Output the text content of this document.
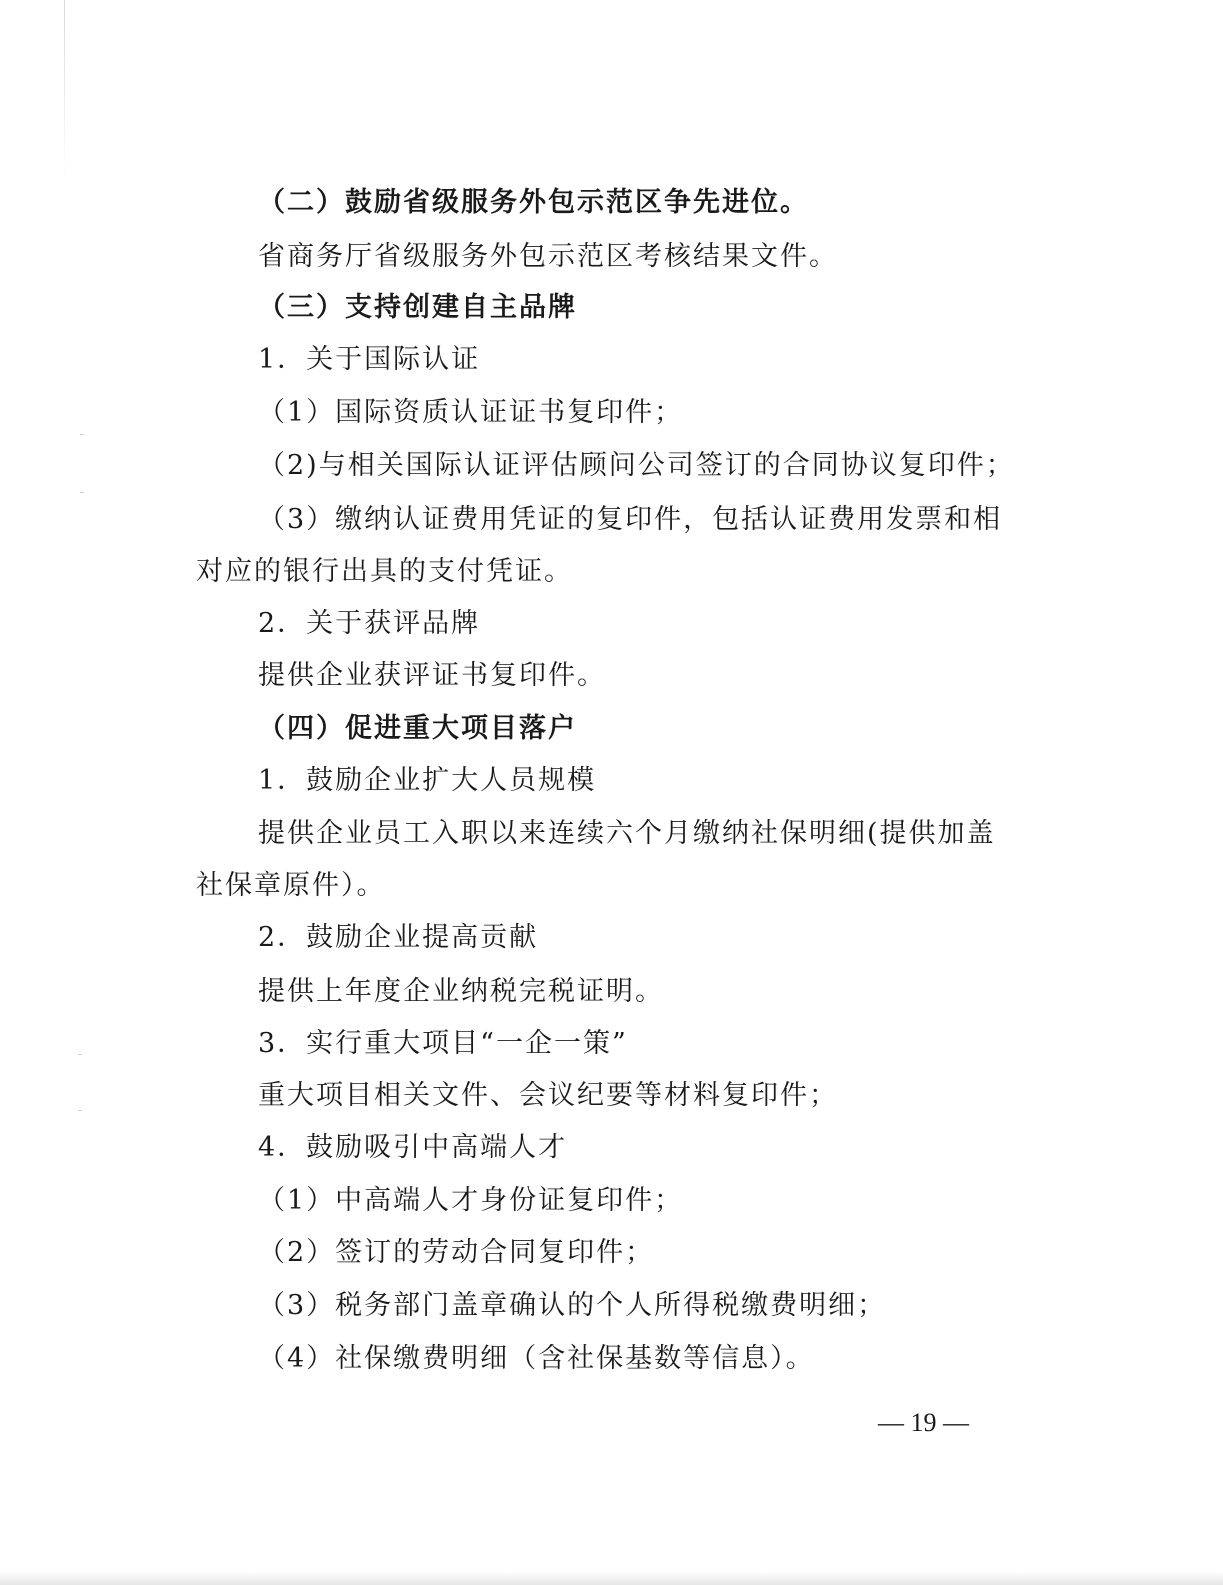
（二）鼓励省级服务外包示范区争先进位。
省商务厅省级服务外包示范区考核结果文件。
（三）支持创建自主品牌
1．关于国际认证
（1）国际资质认证证书复印件；
（2)与相关国际认证评估顾问公司签订的合同协议复印件；
（3）缴纳认证费用凭证的复印件，包括认证费用发票和相
对应的银行出具的支付凭证。
2．关于获评品牌
提供企业获评证书复印件。
（四）促进重大项目落户
1．鼓励企业扩大人员规模
提供企业员工入职以来连续六个月缴纳社保明细(提供加盖
社保章原件）。
2．鼓励企业提高贡献
提供上年度企业纳税完税证明。
3．实行重大项目“一企一策”
重大项目相关文件、会议纪要等材料复印件；
4．鼓励吸引中高端人才
（1）中高端人才身份证复印件；
（2）签订的劳动合同复印件；
（3）税务部门盖章确认的个人所得税缴费明细；
（4）社保缴费明细（含社保基数等信息）。
— 19 —
